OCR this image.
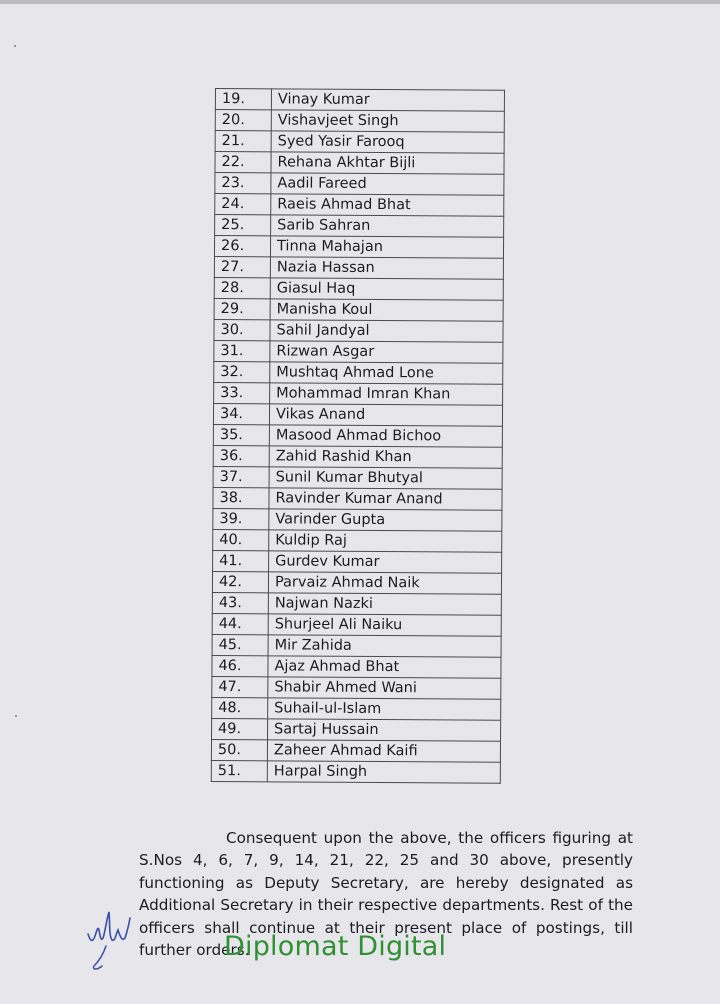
19.	Vinay Kumar
20.	Vishavjeet Singh
21.	Syed Yasir Farooq
22.	Rehana Akhtar Bijli
23.	Aadil Fareed
24.	Raeis Ahmad Bhat
25.	Sarib Sahran
26.	Tinna Mahajan
27.	Nazia Hassan
28.	Giasul Haq
29.	Manisha Koul
30.	Sahil Jandyal
31.	Rizwan Asgar
32.	Mushtaq Ahmad Lone
33.	Mohammad Imran Khan
34.	Vikas Anand
35.	Masood Ahmad Bichoo
36.	Zahid Rashid Khan
37.	Sunil Kumar Bhutyal
38.	Ravinder Kumar Anand
39.	Varinder Gupta
40.	Kuldip Raj
41.	Gurdev Kumar
42.	Parvaiz Ahmad Naik
43.	Najwan Nazki
44.	Shurjeel Ali Naiku
45.	Mir Zahida
46.	Ajaz Ahmad Bhat
47.	Shabir Ahmed Wani
48.	Suhail-ul-Islam
49.	Sartaj Hussain
50.	Zaheer Ahmad Kaifi
51.	Harpal Singh

Consequent upon the above, the officers figuring at S.Nos 4, 6, 7, 9, 14, 21, 22, 25 and 30 above, presently functioning as Deputy Secretary, are hereby designated as Additional Secretary in their respective departments. Rest of the officers shall continue at their present place of postings, till further orders.

Diplomat Digital
